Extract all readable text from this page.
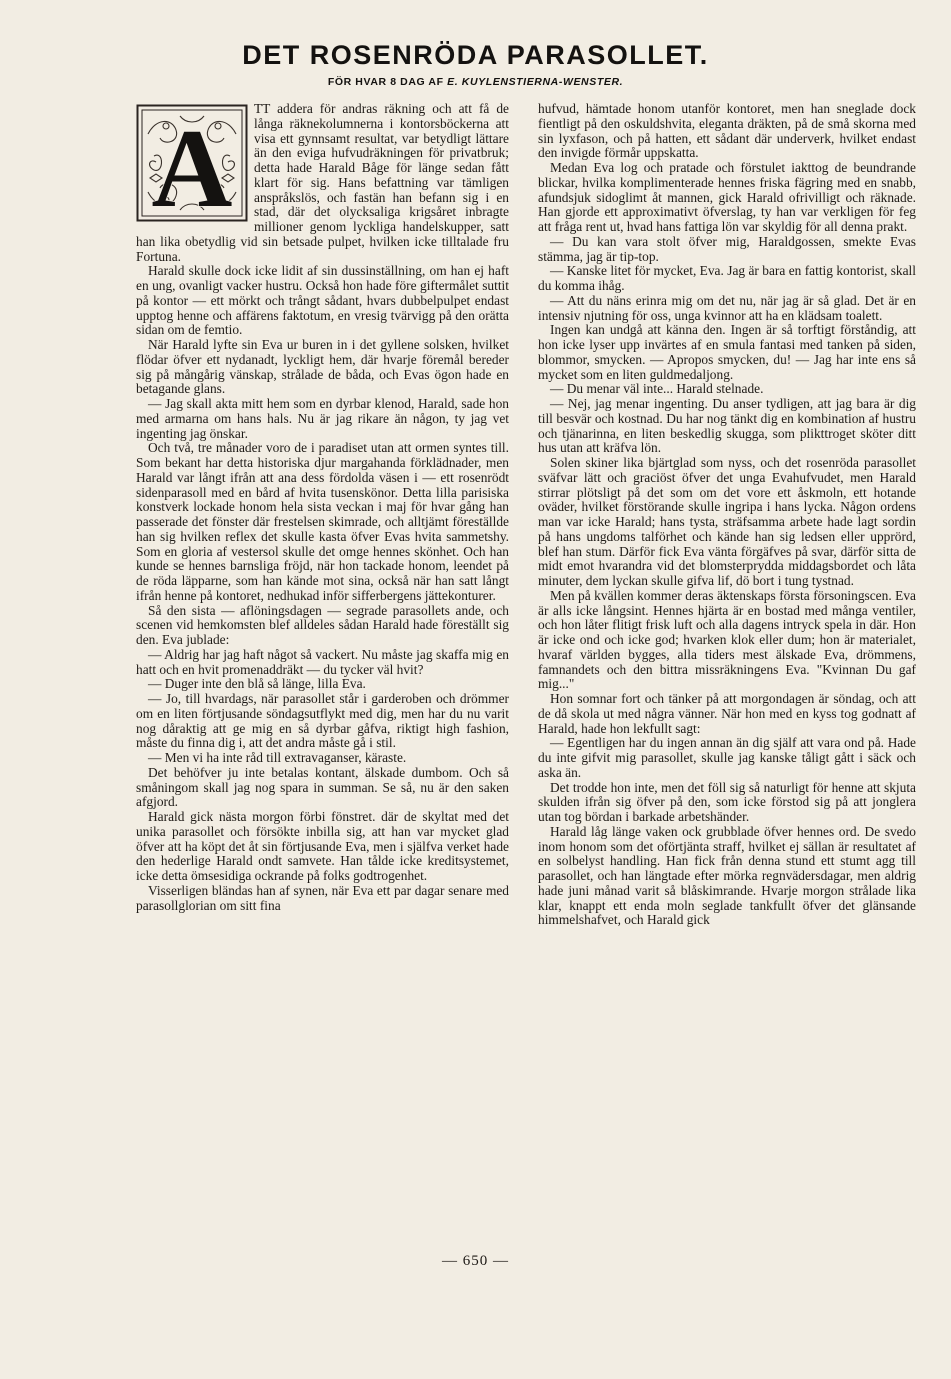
DET ROSENRÖDA PARASOLLET.
FÖR HVAR 8 DAG AF E. KUYLENSTIERNA-WENSTER.
A	TT addera för andras räkning och att få de långa räknekolumnerna i kontorsböckerna att visa ett gynnsamt resultat, var betydligt lättare än den eviga hufvudräkningen för privatbruk; detta hade Harald Båge för länge sedan fått klart för sig. Hans befattning var tämligen anspråkslös, och fastän han befann sig i en stad, där det olycksaliga krigsåret inbragte millioner genom lyckliga handelskupper, satt han lika obetydlig vid sin betsade pulpet, hvilken icke tilltalade fru Fortuna.

Harald skulle dock icke lidit af sin dussinställning, om han ej haft en ung, ovanligt vacker hustru. Också hon hade före giftermålet suttit på kontor — ett mörkt och trångt sådant, hvars dubbelpulpet endast upptog henne och affärens faktotum, en vresig tvärvigg på den orätta sidan om de femtio.

När Harald lyfte sin Eva ur buren in i det gyllene solsken, hvilket flödar öfver ett nydanadt, lyckligt hem, där hvarje föremål bereder sig på mångårig vänskap, strålade de båda, och Evas ögon hade en betagande glans.

— Jag skall akta mitt hem som en dyrbar klenod, Harald, sade hon med armarna om hans hals. Nu är jag rikare än någon, ty jag vet ingenting jag önskar.

Och två, tre månader voro de i paradiset utan att ormen syntes till. Som bekant har detta historiska djur margahanda förklädnader, men Harald var långt ifrån att ana dess fördolda väsen i — ett rosenrödt sidenparasoll med en bård af hvita tusenskönor. Detta lilla parisiska konstverk lockade honom hela sista veckan i maj för hvar gång han passerade det fönster där frestelsen skimrade, och alltjämt föreställde han sig hvilken reflex det skulle kasta öfver Evas hvita sammetshy. Som en gloria af vestersol skulle det omge hennes skönhet. Och han kunde se hennes barnsliga fröjd, när hon tackade honom, leendet på de röda läpparne, som han kände mot sina, också när han satt långt ifrån henne på kontoret, nedhukad inför sifferbergens jättekonturer.

Så den sista — aflöningsdagen — segrade parasollets ande, och scenen vid hemkomsten blef alldeles sådan Harald hade föreställt sig den. Eva jublade:

— Aldrig har jag haft något så vackert. Nu måste jag skaffa mig en hatt och en hvit promenaddräkt — du tycker väl hvit?

— Duger inte den blå så länge, lilla Eva.

— Jo, till hvardags, när parasollet står i garderoben och drömmer om en liten förtjusande söndagsutflykt med dig, men har du nu varit nog dåraktig att ge mig en så dyrbar gåfva, riktigt high fashion, måste du finna dig i, att det andra måste gå i stil.

— Men vi ha inte råd till extravaganser, käraste.

Det behöfver ju inte betalas kontant, älskade dumbom. Och så småningom skall jag nog spara in summan. Se så, nu är den saken afgjord.

Harald gick nästa morgon förbi fönstret. där de skyltat med det unika parasollet och försökte inbilla sig, att han var mycket glad öfver att ha köpt det åt sin förtjusande Eva, men i själfva verket hade den hederlige Harald ondt samvete. Han tålde icke kreditsystemet, icke detta ömsesidiga ockrande på folks godtrogenhet.

Visserligen bländas han af synen, när Eva ett par dagar senare med parasollglorian om sitt fina

hufvud, hämtade honom utanför kontoret, men han sneglade dock fientligt på den oskuldshvita, eleganta dräkten, på de små skorna med sin lyxfason, och på hatten, ett sådant där underverk, hvilket endast den invigde förmår uppskatta.

Medan Eva log och pratade och förstulet iakttog de beundrande blickar, hvilka komplimenterade hennes friska fägring med en snabb, afundsjuk sidoglimt åt mannen, gick Harald ofrivilligt och räknade. Han gjorde ett approximativt öfverslag, ty han var verkligen för feg att fråga rent ut, hvad hans fattiga lön var skyldig för all denna prakt.

— Du kan vara stolt öfver mig, Haraldgossen, smekte Evas stämma, jag är tip-top.

— Kanske litet för mycket, Eva. Jag är bara en fattig kontorist, skall du komma ihåg.

— Att du näns erinra mig om det nu, när jag är så glad. Det är en intensiv njutning för oss, unga kvinnor att ha en klädsam toalett.

Ingen kan undgå att känna den. Ingen är så torftigt förståndig, att hon icke lyser upp invärtes af en smula fantasi med tanken på siden, blommor, smycken. — Apropos smycken, du! — Jag har inte ens så mycket som en liten guldmedaljong.

— Du menar väl inte... Harald stelnade.

— Nej, jag menar ingenting. Du anser tydligen, att jag bara är dig till besvär och kostnad. Du har nog tänkt dig en kombination af hustru och tjänarinna, en liten beskedlig skugga, som plikttroget sköter ditt hus utan att kräfva lön.

Solen skiner lika bjärtglad som nyss, och det rosenröda parasollet sväfvar lätt och graciöst öfver det unga Evahufvudet, men Harald stirrar plötsligt på det som om det vore ett åskmoln, ett hotande oväder, hvilket förstörande skulle ingripa i hans lycka. Någon ordens man var icke Harald; hans tysta, sträfsamma arbete hade lagt sordin på hans ungdoms talförhet och kände han sig ledsen eller upprörd, blef han stum. Därför fick Eva vänta förgäfves på svar, därför sitta de midt emot hvarandra vid det blomsterprydda middagsbordet och låta minuter, dem lyckan skulle gifva lif, dö bort i tung tystnad.

Men på kvällen kommer deras äktenskaps första försoningscen. Eva är alls icke långsint. Hennes hjärta är en bostad med många ventiler, och hon låter flitigt frisk luft och alla dagens intryck spela in där. Hon är icke ond och icke god; hvarken klok eller dum; hon är materialet, hvaraf världen bygges, alla tiders mest älskade Eva, drömmens, famnandets och den bittra missräkningens Eva. "Kvinnan Du gaf mig..."

Hon somnar fort och tänker på att morgondagen är söndag, och att de då skola ut med några vänner. När hon med en kyss tog godnatt af Harald, hade hon lekfullt sagt:

— Egentligen har du ingen annan än dig själf att vara ond på. Hade du inte gifvit mig parasollet, skulle jag kanske tåligt gått i säck och aska än.

Det trodde hon inte, men det föll sig så naturligt för henne att skjuta skulden ifrån sig öfver på den, som icke förstod sig på att jonglera utan tog bördan i barkade arbetshänder.

Harald låg länge vaken ock grubblade öfver hennes ord. De svedo inom honom som det oförtjänta straff, hvilket ej sällan är resultatet af en solbelyst handling. Han fick från denna stund ett stumt agg till parasollet, och han längtade efter mörka regnvädersdagar, men aldrig hade juni månad varit så blåskimrande. Hvarje morgon strålade lika klar, knappt ett enda moln seglade tankfullt öfver det glänsande himmelshafvet, och Harald gick

— 650 —
